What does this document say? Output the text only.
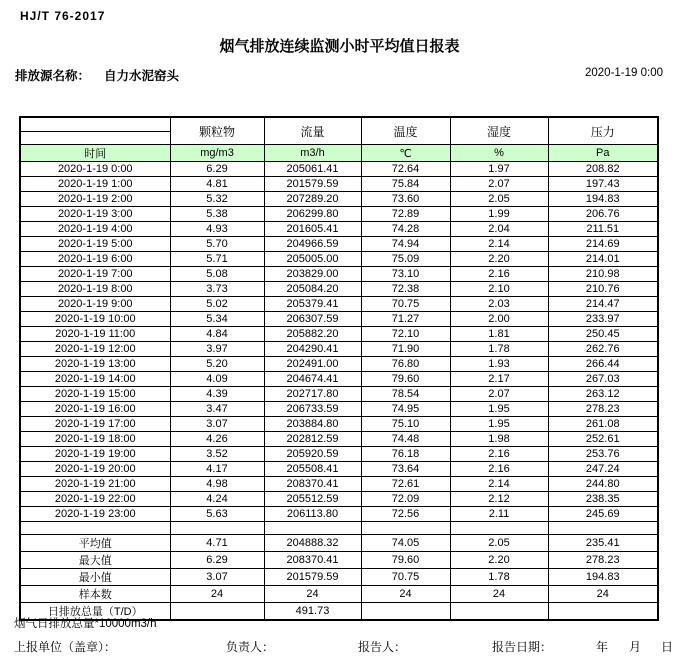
HJ/T 76-2017
烟气排放连续监测小时平均值日报表
排放源名称： 自力水泥窑头	2020-1-19 0:00
	颗粒物	流量	温度	湿度	压力
时间	mg/m3	m3/h	℃	%	Pa
2020-1-19 0:00	6.29	205061.41	72.64	1.97	208.82
2020-1-19 1:00	4.81	201579.59	75.84	2.07	197.43
2020-1-19 2:00	5.32	207289.20	73.60	2.05	194.83
2020-1-19 3:00	5.38	206299.80	72.89	1.99	206.76
2020-1-19 4:00	4.93	201605.41	74.28	2.04	211.51
2020-1-19 5:00	5.70	204966.59	74.94	2.14	214.69
2020-1-19 6:00	5.71	205005.00	75.09	2.20	214.01
2020-1-19 7:00	5.08	203829.00	73.10	2.16	210.98
2020-1-19 8:00	3.73	205084.20	72.38	2.10	210.76
2020-1-19 9:00	5.02	205379.41	70.75	2.03	214.47
2020-1-19 10:00	5.34	206307.59	71.27	2.00	233.97
2020-1-19 11:00	4.84	205882.20	72.10	1.81	250.45
2020-1-19 12:00	3.97	204290.41	71.90	1.78	262.76
2020-1-19 13:00	5.20	202491.00	76.80	1.93	266.44
2020-1-19 14:00	4.09	204674.41	79.60	2.17	267.03
2020-1-19 15:00	4.39	202717.80	78.54	2.07	263.12
2020-1-19 16:00	3.47	206733.59	74.95	1.95	278.23
2020-1-19 17:00	3.07	203884.80	75.10	1.95	261.08
2020-1-19 18:00	4.26	202812.59	74.48	1.98	252.61
2020-1-19 19:00	3.52	205920.59	76.18	2.16	253.76
2020-1-19 20:00	4.17	205508.41	73.64	2.16	247.24
2020-1-19 21:00	4.98	208370.41	72.61	2.14	244.80
2020-1-19 22:00	4.24	205512.59	72.09	2.12	238.35
2020-1-19 23:00	5.63	206113.80	72.56	2.11	245.69

平均值	4.71	204888.32	74.05	2.05	235.41
最大值	6.29	208370.41	79.60	2.20	278.23
最小值	3.07	201579.59	70.75	1.78	194.83
样本数	24	24	24	24	24
日排放总量（T/D）		491.73			
烟气日排放总量*10000m3/h
上报单位（盖章）：	负责人：	报告人：	报告日期：	年 月 日
